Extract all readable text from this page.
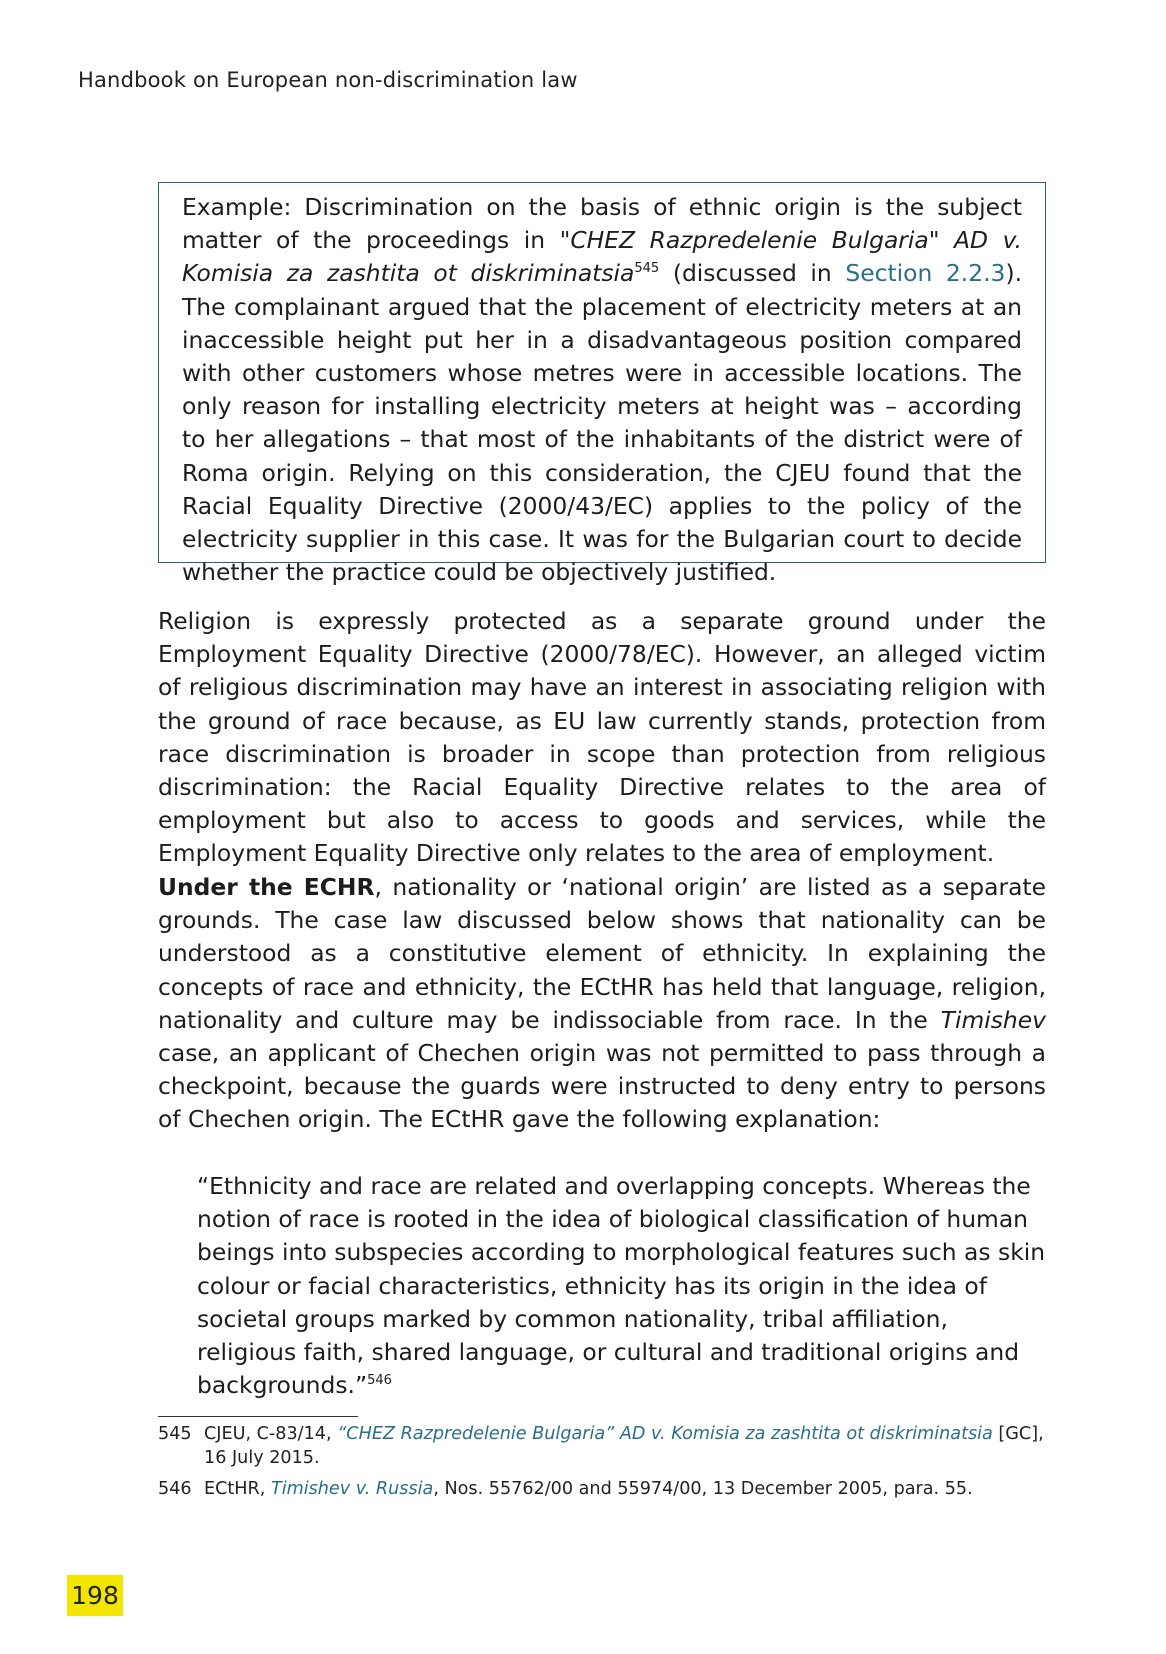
Handbook on European non-discrimination law

Example: Discrimination on the basis of ethnic origin is the subject matter of the proceedings in "CHEZ Razpredelenie Bulgaria" AD v. Komisia za zashtita ot diskriminatsia$^{545}$ (discussed in Section 2.2.3). The complainant argued that the placement of electricity meters at an inaccessible height put her in a disadvantageous position compared with other customers whose metres were in accessible locations. The only reason for installing electricity meters at height was – according to her allegations – that most of the inhabitants of the district were of Roma origin. Relying on this consideration, the CJEU found that the Racial Equality Directive (2000/43/EC) applies to the policy of the electricity supplier in this case. It was for the Bulgarian court to decide whether the practice could be objectively justified.

Religion is expressly protected as a separate ground under the Employment Equality Directive (2000/78/EC). However, an alleged victim of religious discrimination may have an interest in associating religion with the ground of race because, as EU law currently stands, protection from race discrimination is broader in scope than protection from religious discrimination: the Racial Equality Directive relates to the area of employment but also to access to goods and services, while the Employment Equality Directive only relates to the area of employment.

Under the ECHR, nationality or ‘national origin’ are listed as a separate grounds. The case law discussed below shows that nationality can be understood as a constitutive element of ethnicity. In explaining the concepts of race and ethnicity, the ECtHR has held that language, religion, nationality and culture may be indissociable from race. In the Timishev case, an applicant of Chechen origin was not permitted to pass through a checkpoint, because the guards were instructed to deny entry to persons of Chechen origin. The ECtHR gave the following explanation:

“Ethnicity and race are related and overlapping concepts. Whereas the notion of race is rooted in the idea of biological classification of human beings into subspecies according to morphological features such as skin colour or facial characteristics, ethnicity has its origin in the idea of societal groups marked by common nationality, tribal affiliation, religious faith, shared language, or cultural and traditional origins and backgrounds.”$^{546}$

545 CJEU, C-83/14, “CHEZ Razpredelenie Bulgaria” AD v. Komisia za zashtita ot diskriminatsia [GC], 16 July 2015.
546 ECtHR, Timishev v. Russia, Nos. 55762/00 and 55974/00, 13 December 2005, para. 55.
198
